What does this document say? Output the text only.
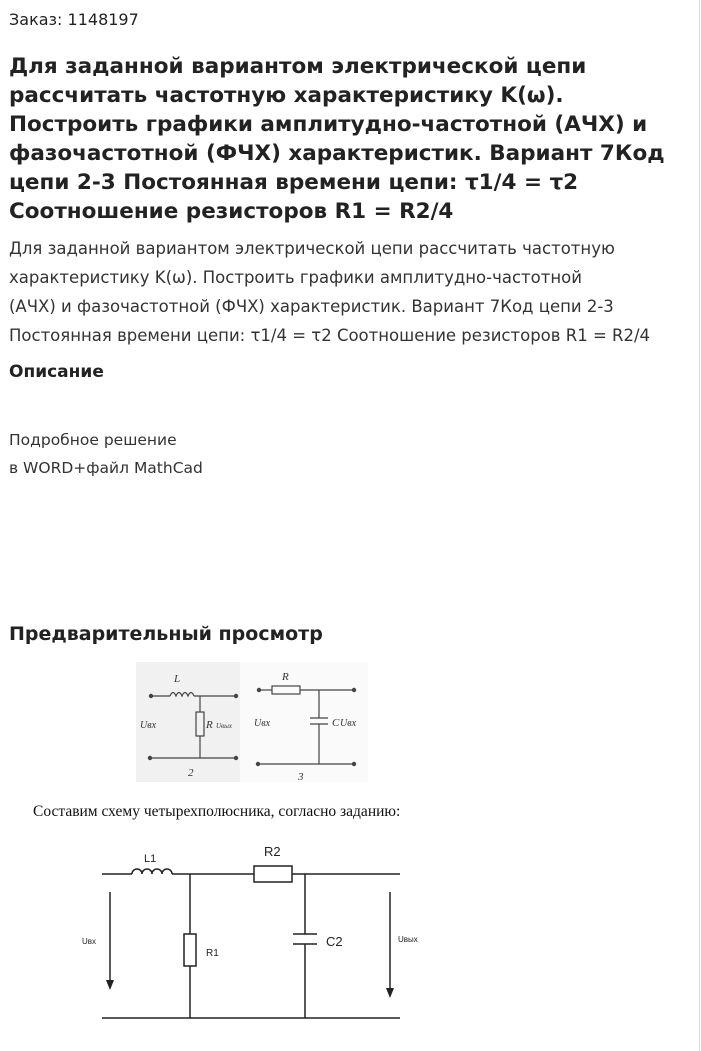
Заказ: 1148197
Для заданной вариантом электрической цепи
рассчитать частотную характеристику K(ω).
Построить графики амплитудно-частотной (АЧХ) и
фазочастотной (ФЧХ) характеристик. Вариант 7Код
цепи 2-3 Постоянная времени цепи: τ1/4 = τ2
Соотношение резисторов R1 = R2/4
Для заданной вариантом электрической цепи рассчитать частотную
характеристику K(ω). Построить графики амплитудно-частотной
(АЧХ) и фазочастотной (ФЧХ) характеристик. Вариант 7Код цепи 2-3
Постоянная времени цепи: τ1/4 = τ2 Соотношение резисторов R1 = R2/4
Описание
Подробное решение
в WORD+файл MathCad
Предварительный просмотр
L
R
Uвх	Uвых
2
R
C
Uвх	Uвх
3
Составим схему четырехполюсника, согласно заданию:
L1	R2
R1
C2
Uвх	Uвых
